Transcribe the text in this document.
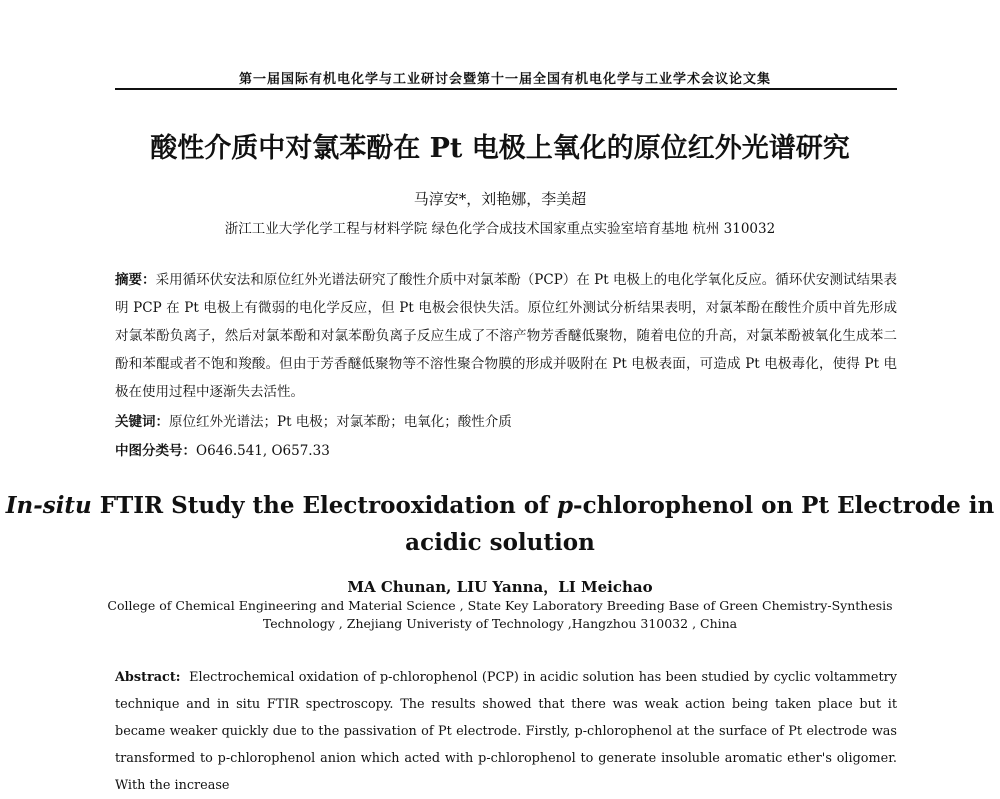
第一届国际有机电化学与工业研讨会暨第十一届全国有机电化学与工业学术会议论文集
酸性介质中对氯苯酚在 Pt 电极上氧化的原位红外光谱研究
马淳安*，刘艳娜，李美超
浙江工业大学化学工程与材料学院 绿色化学合成技术国家重点实验室培育基地 杭州 310032

摘要：采用循环伏安法和原位红外光谱法研究了酸性介质中对氯苯酚（PCP）在 Pt 电极上的电化学氧化反应。循环伏安测试结果表明 PCP 在 Pt 电极上有微弱的电化学反应，但 Pt 电极会很快失活。原位红外测试分析结果表明，对氯苯酚在酸性介质中首先形成对氯苯酚负离子，然后对氯苯酚和对氯苯酚负离子反应生成了不溶产物芳香醚低聚物，随着电位的升高，对氯苯酚被氧化生成苯二酚和苯醌或者不饱和羧酸。但由于芳香醚低聚物等不溶性聚合物膜的形成并吸附在 Pt 电极表面，可造成 Pt 电极毒化，使得 Pt 电极在使用过程中逐渐失去活性。

关键词：原位红外光谱法；Pt 电极；对氯苯酚；电氧化；酸性介质
中图分类号：O646.541, O657.33
In-situ FTIR Study the Electrooxidation of p-chlorophenol on Pt Electrode in acidic solution
MA Chunan, LIU Yanna，LI Meichao
College of Chemical Engineering and Material Science , State Key Laboratory Breeding Base of Green Chemistry-Synthesis Technology , Zhejiang Univeristy of Technology ,Hangzhou 310032 , China

Abstract: Electrochemical oxidation of p-chlorophenol (PCP) in acidic solution has been studied by cyclic voltammetry technique and in situ FTIR spectroscopy. The results showed that there was weak action being taken place but it became weaker quickly due to the passivation of Pt electrode. Firstly, p-chlorophenol at the surface of Pt electrode was transformed to p-chlorophenol anion which acted with p-chlorophenol to generate insoluble aromatic ether's oligomer. With the increase
